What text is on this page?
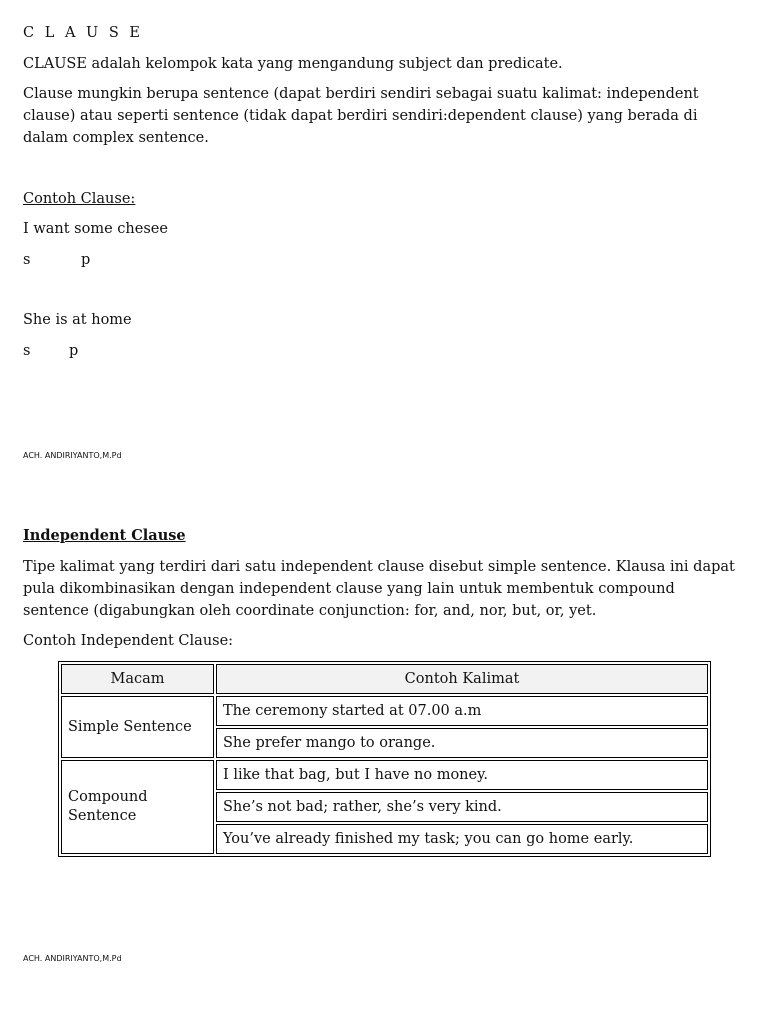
C L A U S E

CLAUSE adalah kelompok kata yang mengandung subject dan predicate.

Clause mungkin berupa sentence (dapat berdiri sendiri sebagai suatu kalimat: independent clause) atau seperti sentence (tidak dapat berdiri sendiri:dependent clause) yang berada di dalam complex sentence.

Contoh Clause:

I want some chesee

s	p

She is at home

s	p
ACH. ANDIRIYANTO,M.Pd

Independent Clause

Tipe kalimat yang terdiri dari satu independent clause disebut simple sentence. Klausa ini dapat pula dikombinasikan dengan independent clause yang lain untuk membentuk compound sentence (digabungkan oleh coordinate conjunction: for, and, nor, but, or, yet.

Contoh Independent Clause:

Macam	Contoh Kalimat
Simple Sentence	The ceremony started at 07.00 a.m
	She prefer mango to orange.
Compound Sentence	I like that bag, but I have no money.
	She’s not bad; rather, she’s very kind.
	You’ve already finished my task; you can go home early.
ACH. ANDIRIYANTO,M.Pd
